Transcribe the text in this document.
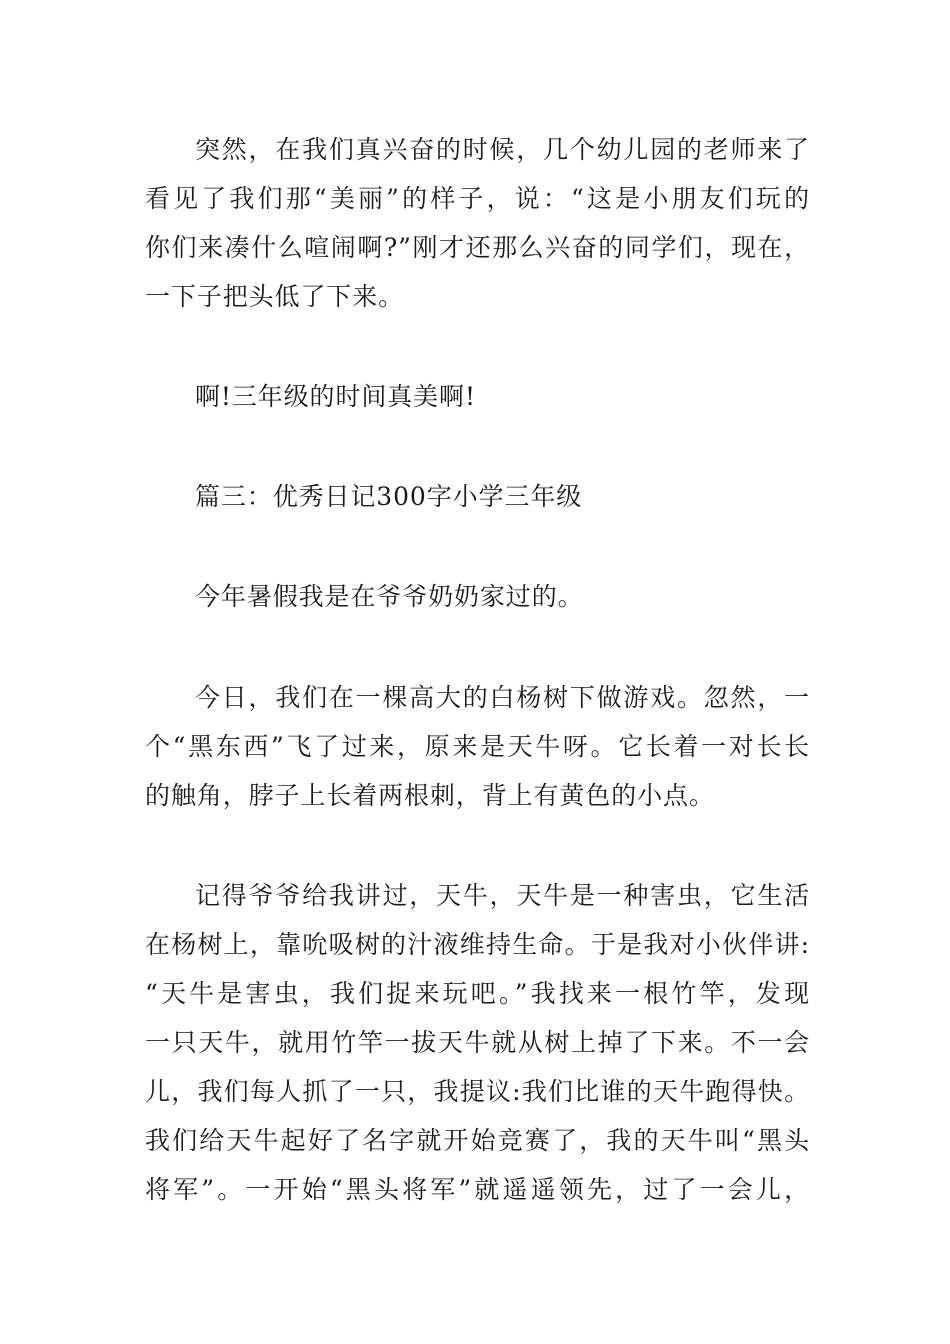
突然，在我们真兴奋的时候，几个幼儿园的老师来了
看见了我们那“美丽”的样子，说：“这是小朋友们玩的
你们来凑什么喧闹啊?”刚才还那么兴奋的同学们，现在，
一下子把头低了下来。
啊!三年级的时间真美啊!
篇三：优秀日记300字小学三年级
今年暑假我是在爷爷奶奶家过的。
今日，我们在一棵高大的白杨树下做游戏。忽然，一
个“黑东西”飞了过来，原来是天牛呀。它长着一对长长
的触角，脖子上长着两根刺，背上有黄色的小点。
记得爷爷给我讲过，天牛，天牛是一种害虫，它生活
在杨树上，靠吮吸树的汁液维持生命。于是我对小伙伴讲:
“天牛是害虫，我们捉来玩吧。”我找来一根竹竿，发现
一只天牛，就用竹竿一拔天牛就从树上掉了下来。不一会
儿，我们每人抓了一只，我提议:我们比谁的天牛跑得快。
我们给天牛起好了名字就开始竞赛了，我的天牛叫“黑头
将军”。一开始“黑头将军”就遥遥领先，过了一会儿，
